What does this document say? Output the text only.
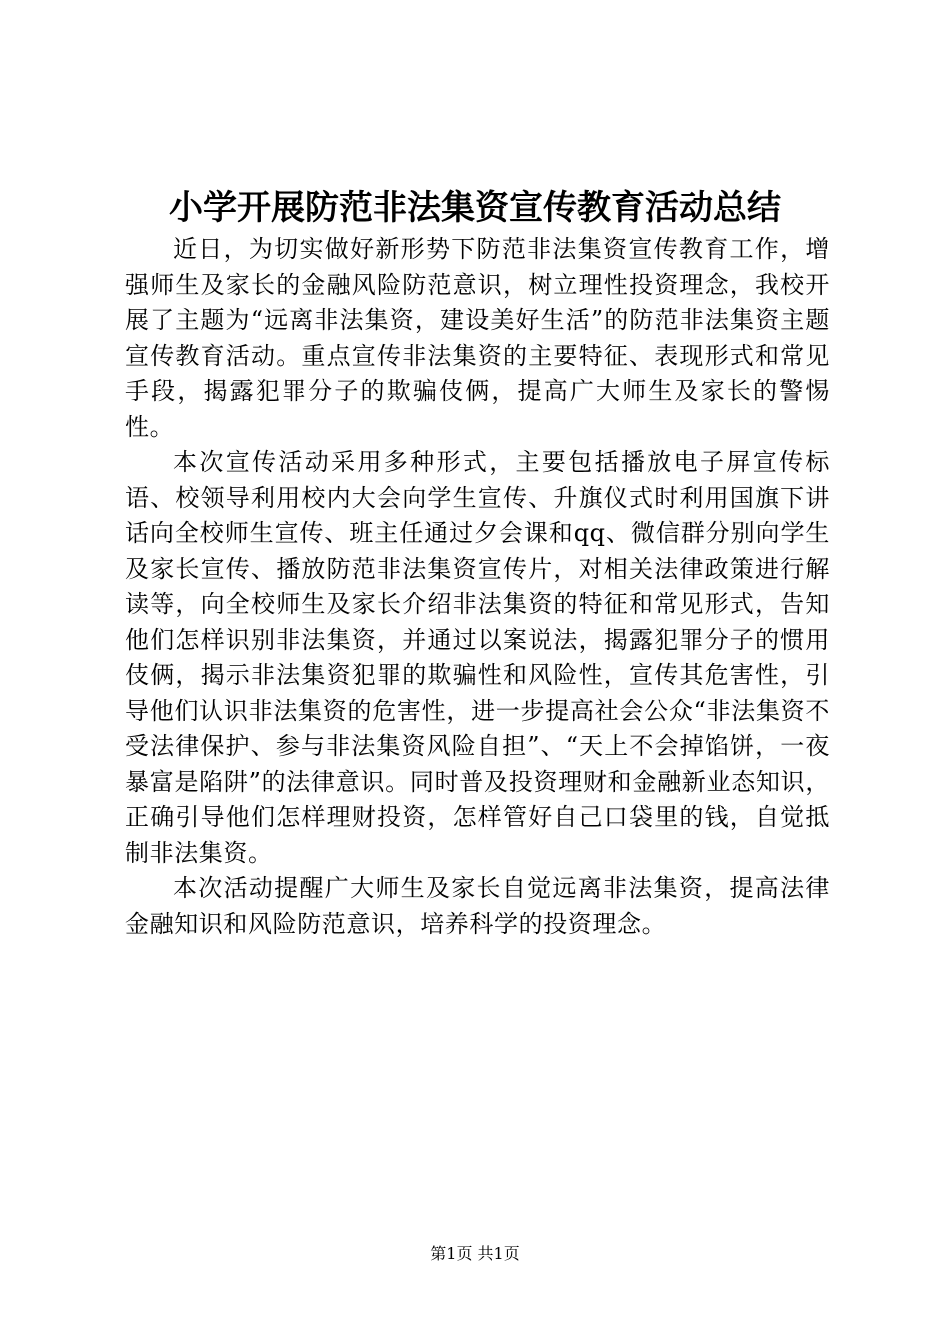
小学开展防范非法集资宣传教育活动总结

近日，为切实做好新形势下防范非法集资宣传教育工作，增强师生及家长的金融风险防范意识，树立理性投资理念，我校开展了主题为“远离非法集资，建设美好生活”的防范非法集资主题宣传教育活动。重点宣传非法集资的主要特征、表现形式和常见手段，揭露犯罪分子的欺骗伎俩，提高广大师生及家长的警惕性。

本次宣传活动采用多种形式，主要包括播放电子屏宣传标语、校领导利用校内大会向学生宣传、升旗仪式时利用国旗下讲话向全校师生宣传、班主任通过夕会课和qq、微信群分别向学生及家长宣传、播放防范非法集资宣传片，对相关法律政策进行解读等，向全校师生及家长介绍非法集资的特征和常见形式，告知他们怎样识别非法集资，并通过以案说法，揭露犯罪分子的惯用伎俩，揭示非法集资犯罪的欺骗性和风险性，宣传其危害性，引导他们认识非法集资的危害性，进一步提高社会公众“非法集资不受法律保护、参与非法集资风险自担”、“天上不会掉馅饼，一夜暴富是陷阱”的法律意识。同时普及投资理财和金融新业态知识，正确引导他们怎样理财投资，怎样管好自己口袋里的钱，自觉抵制非法集资。

本次活动提醒广大师生及家长自觉远离非法集资，提高法律金融知识和风险防范意识，培养科学的投资理念。

第1页 共1页
